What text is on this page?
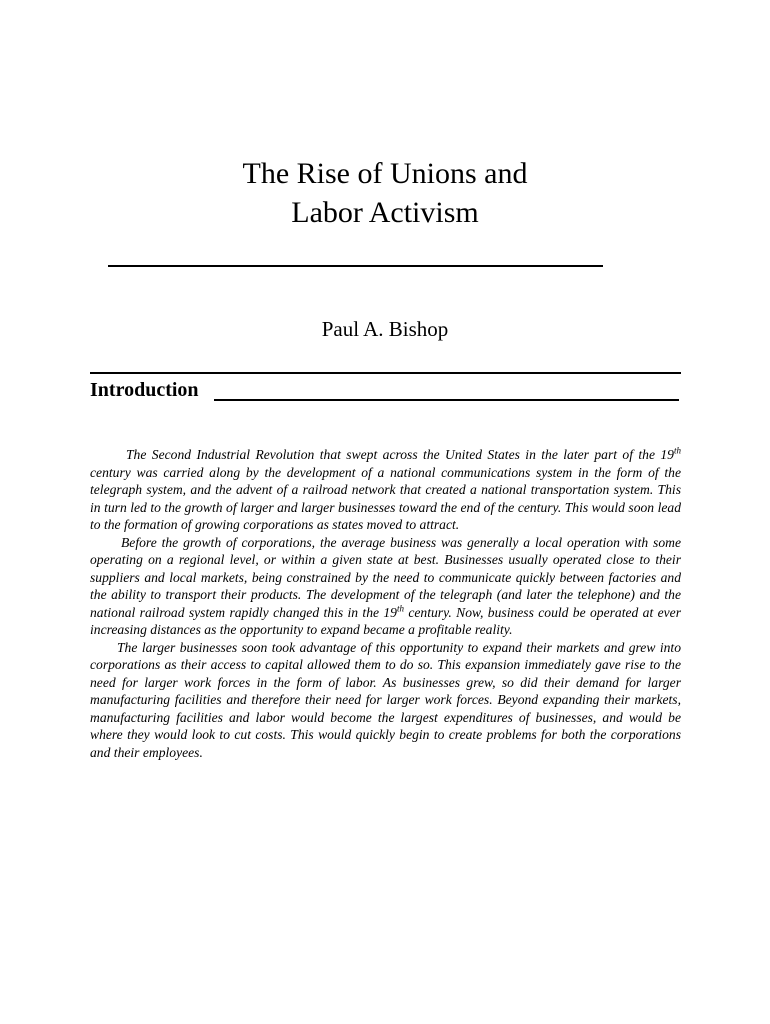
The Rise of Unions and
Labor Activism
Paul A. Bishop
Introduction

The Second Industrial Revolution that swept across the United States in the later part of the 19th century was carried along by the development of a national communications system in the form of the telegraph system, and the advent of a railroad network that created a national transportation system. This in turn led to the growth of larger and larger businesses toward the end of the century. This would soon lead to the formation of growing corporations as states moved to attract.

Before the growth of corporations, the average business was generally a local operation with some operating on a regional level, or within a given state at best. Businesses usually operated close to their suppliers and local markets, being constrained by the need to communicate quickly between factories and the ability to transport their products. The development of the telegraph (and later the telephone) and the national railroad system rapidly changed this in the 19th century. Now, business could be operated at ever increasing distances as the opportunity to expand became a profitable reality.

The larger businesses soon took advantage of this opportunity to expand their markets and grew into corporations as their access to capital allowed them to do so. This expansion immediately gave rise to the need for larger work forces in the form of labor. As businesses grew, so did their demand for larger manufacturing facilities and therefore their need for larger work forces. Beyond expanding their markets, manufacturing facilities and labor would become the largest expenditures of businesses, and would be where they would look to cut costs. This would quickly begin to create problems for both the corporations and their employees.
